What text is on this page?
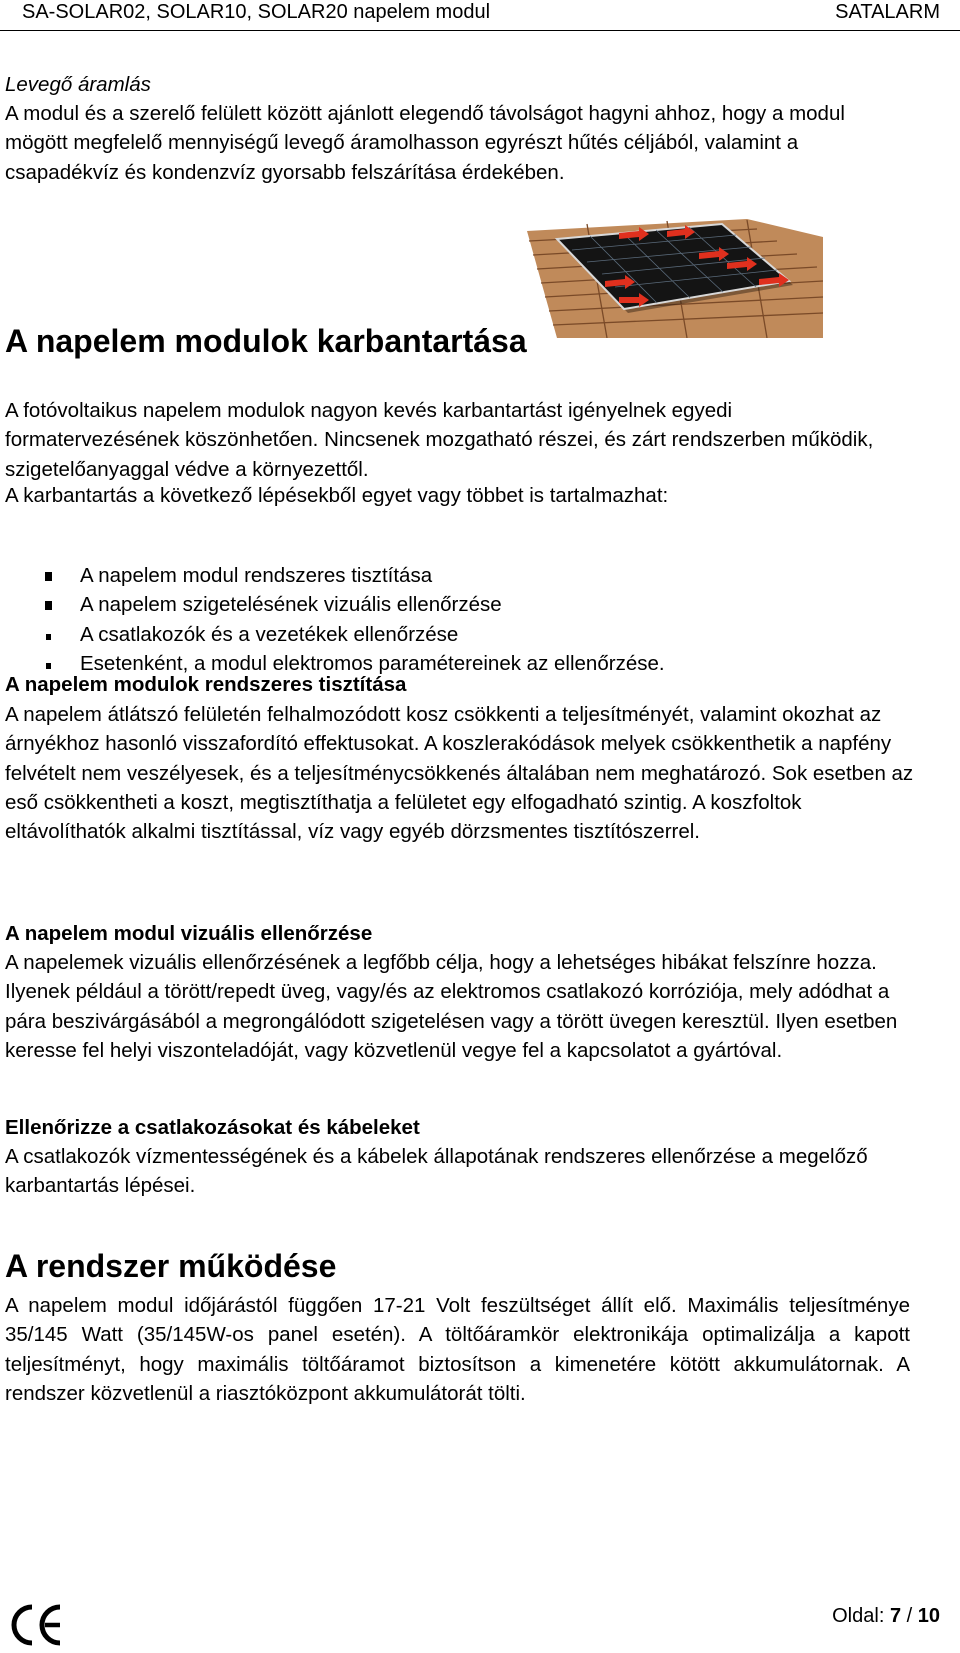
SA-SOLAR02, SOLAR10, SOLAR20 napelem modul	SATALARM
Levegő áramlás
A modul és a szerelő felülett között ajánlott elegendő távolságot hagyni ahhoz, hogy a modul mögött megfelelő mennyiségű levegő áramolhasson egyrészt hűtés céljából, valamint a csapadékvíz és kondenzvíz gyorsabb felszárítása érdekében.
A napelem modulok karbantartása
A fotóvoltaikus napelem modulok nagyon kevés karbantartást igényelnek egyedi formatervezésének köszönhetően. Nincsenek mozgatható részei, és zárt rendszerben működik, szigetelőanyaggal védve a környezettől.
A karbantartás a következő lépésekből egyet vagy többet is tartalmazhat:
A napelem modul rendszeres tisztítása
A napelem szigetelésének vizuális ellenőrzése
A csatlakozók és a vezetékek ellenőrzése
Esetenként, a modul elektromos paramétereinek az ellenőrzése.
A napelem modulok rendszeres tisztítása
A napelem átlátszó felületén felhalmozódott kosz csökkenti a teljesítményét, valamint okozhat az árnyékhoz hasonló visszafordító effektusokat. A koszlerakódások melyek csökkenthetik a napfény felvételt nem veszélyesek, és a teljesítménycsökkenés általában nem meghatározó. Sok esetben az eső csökkentheti a koszt, megtisztíthatja a felületet egy elfogadható szintig. A koszfoltok eltávolíthatók alkalmi tisztítással, víz vagy egyéb dörzsmentes tisztítószerrel.
A napelem modul vizuális ellenőrzése
A napelemek vizuális ellenőrzésének a legfőbb célja, hogy a lehetséges hibákat felszínre hozza. Ilyenek például a törött/repedt üveg, vagy/és az elektromos csatlakozó korróziója, mely adódhat a pára beszivárgásából a megrongálódott szigetelésen vagy a törött üvegen keresztül. Ilyen esetben keresse fel helyi viszonteladóját, vagy közvetlenül vegye fel a kapcsolatot a gyártóval.
Ellenőrizze a csatlakozásokat és kábeleket
A csatlakozók vízmentességének és a kábelek állapotának rendszeres ellenőrzése a megelőző karbantartás lépései.
A rendszer működése
A napelem modul időjárástól függően 17-21 Volt feszültséget állít elő. Maximális teljesítménye 35/145 Watt (35/145W-os panel esetén). A töltőáramkör elektronikája optimalizálja a kapott teljesítményt, hogy maximális töltőáramot biztosítson a kimenetére kötött akkumulátornak. A rendszer közvetlenül a riasztóközpont akkumulátorát tölti.
Oldal: 7 / 10
